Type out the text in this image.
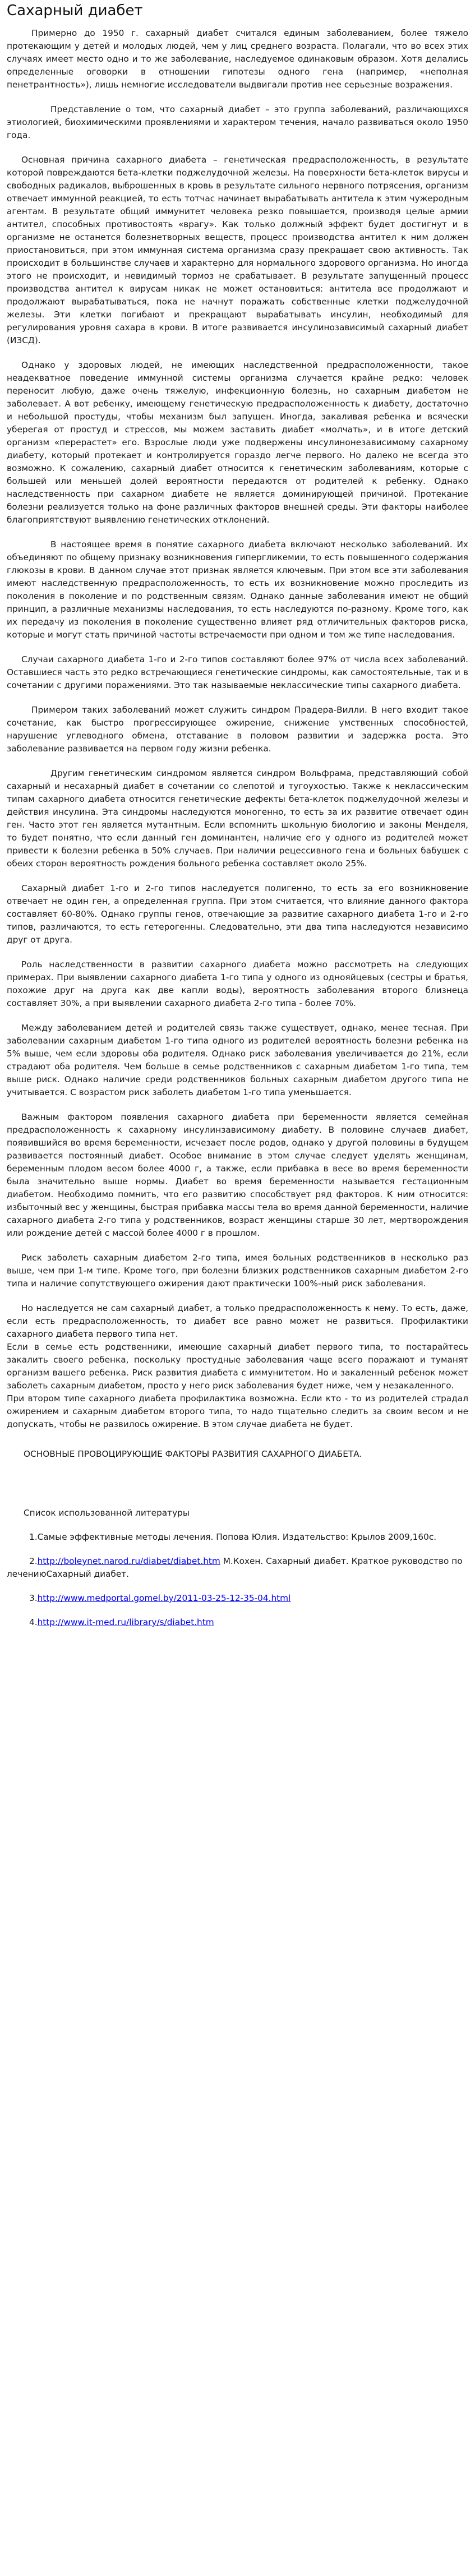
Сахарный диабет

Примерно до 1950 г. сахарный диабет считался единым заболеванием, более тяжело протекающим у детей и молодых людей, чем у лиц среднего возраста. Полагали, что во всех этих случаях имеет место одно и то же заболевание, наследуемое одинаковым образом. Хотя делались определенные оговорки в отношении гипотезы одного гена (например, «неполная пенетрантность»), лишь немногие исследователи выдвигали против нее серьезные возражения.

Представление о том, что сахарный диабет – это группа заболеваний, различающихся этиологией, биохимическими проявлениями и характером течения, начало развиваться около 1950 года.

Основная причина сахарного диабета – генетическая предрасположенность, в результате которой повреждаются бета-клетки поджелудочной железы. На поверхности бета-клеток вирусы и свободных радикалов, выброшенных в кровь в результате сильного нервного потрясения, организм отвечает иммунной реакцией, то есть тотчас начинает вырабатывать антитела к этим чужеродным агентам. В результате общий иммунитет человека резко повышается, производя целые армии антител, способных противостоять «врагу». Как только должный эффект будет достигнут и в организме не останется болезнетворных веществ, процесс производства антител к ним должен приостановиться, при этом иммунная система организма сразу прекращает свою активность. Так происходит в большинстве случаев и характерно для нормального здорового организма. Но иногда этого не происходит, и невидимый тормоз не срабатывает. В результате запущенный процесс производства антител к вирусам никак не может остановиться: антитела все продолжают и продолжают вырабатываться, пока не начнут поражать собственные клетки поджелудочной железы. Эти клетки погибают и прекращают вырабатывать инсулин, необходимый для регулирования уровня сахара в крови. В итоге развивается инсулинозависимый сахарный диабет (ИЗСД).

Однако у здоровых людей, не имеющих наследственной предрасположенности, такое неадекватное поведение иммунной системы организма случается крайне редко: человек переносит любую, даже очень тяжелую, инфекционную болезнь, но сахарным диабетом не заболевает. А вот ребенку, имеющему генетическую предрасположенность к диабету, достаточно и небольшой простуды, чтобы механизм был запущен. Иногда, закаливая ребенка и всячески уберегая от простуд и стрессов, мы можем заставить диабет «молчать», и в итоге детский организм «перерастет» его. Взрослые люди уже подвержены инсулинонезависимому сахарному диабету, который протекает и контролируется гораздо легче первого. Но далеко не всегда это возможно. К сожалению, сахарный диабет относится к генетическим заболеваниям, которые с большей или меньшей долей вероятности передаются от родителей к ребенку. Однако наследственность при сахарном диабете не является доминирующей причиной. Протекание болезни реализуется только на фоне различных факторов внешней среды. Эти факторы наиболее благоприятствуют выявлению генетических отклонений.

В настоящее время в понятие сахарного диабета включают несколько заболеваний. Их объединяют по общему признаку возникновения гипергликемии, то есть повышенного содержания глюкозы в крови. В данном случае этот признак является ключевым. При этом все эти заболевания имеют наследственную предрасположенность, то есть их возникновение можно проследить из поколения в поколение и по родственным связям. Однако данные заболевания имеют не общий принцип, а различные механизмы наследования, то есть наследуются по-разному. Кроме того, как их передачу из поколения в поколение существенно влияет ряд отличительных факторов риска, которые и могут стать причиной частоты встречаемости при одном и том же типе наследования.

Случаи сахарного диабета 1-го и 2-го типов составляют более 97% от числа всех заболеваний. Оставшиеся часть это редко встречающиеся генетические синдромы, как самостоятельные, так и в сочетании с другими поражениями. Это так называемые неклассические типы сахарного диабета.

Примером таких заболеваний может служить синдром Прадера-Вилли. В него входит такое сочетание, как быстро прогрессирующее ожирение, снижение умственных способностей, нарушение углеводного обмена, отставание в половом развитии и задержка роста. Это заболевание развивается на первом году жизни ребенка.

Другим генетическим синдромом является синдром Вольфрама, представляющий собой сахарный и несахарный диабет в сочетании со слепотой и тугоухостью. Также к неклассическим типам сахарного диабета относится генетические дефекты бета-клеток поджелудочной железы и действия инсулина. Эта синдромы наследуются моногенно, то есть за их развитие отвечает один ген. Часто этот ген является мутантным. Если вспомнить школьную биологию и законы Менделя, то будет понятно, что если данный ген доминантен, наличие его у одного из родителей может привести к болезни ребенка в 50% случаев. При наличии рецессивного гена и больных бабушек с обеих сторон вероятность рождения больного ребенка составляет около 25%.

Сахарный диабет 1-го и 2-го типов наследуется полигенно, то есть за его возникновение отвечает не один ген, а определенная группа. При этом считается, что влияние данного фактора составляет 60-80%. Однако группы генов, отвечающие за развитие сахарного диабета 1-го и 2-го типов, различаются, то есть гетерогенны. Следовательно, эти два типа наследуются независимо друг от друга.

Роль наследственности в развитии сахарного диабета можно рассмотреть на следующих примерах. При выявлении сахарного диабета 1-го типа у одного из однояйцевых (сестры и братья, похожие друг на друга как две капли воды), вероятность заболевания второго близнеца составляет 30%, а при выявлении сахарного диабета 2-го типа - более 70%.

Между заболеванием детей и родителей связь также существует, однако, менее тесная. При заболевании сахарным диабетом 1-го типа одного из родителей вероятность болезни ребенка на 5% выше, чем если здоровы оба родителя. Однако риск заболевания увеличивается до 21%, если страдают оба родителя. Чем больше в семье родственников с сахарным диабетом 1-го типа, тем выше риск. Однако наличие среди родственников больных сахарным диабетом другого типа не учитывается. С возрастом риск заболеть диабетом 1-го типа уменьшается.

Важным фактором появления сахарного диабета при беременности является семейная предрасположенность к сахарному инсулинзависимому диабету. В половине случаев диабет, появившийся во время беременности, исчезает после родов, однако у другой половины в будущем развивается постоянный диабет. Особое внимание в этом случае следует уделять женщинам, беременным плодом весом более 4000 г, а также, если прибавка в весе во время беременности была значительно выше нормы. Диабет во время беременности называется гестационным диабетом. Необходимо помнить, что его развитию способствует ряд факторов. К ним относится: избыточный вес у женщины, быстрая прибавка массы тела во время данной беременности, наличие сахарного диабета 2-го типа у родственников, возраст женщины старше 30 лет, мертворождения или рождение детей с массой более 4000 г в прошлом.

Риск заболеть сахарным диабетом 2-го типа, имея больных родственников в несколько раз выше, чем при 1-м типе. Кроме того, при болезни близких родственников сахарным диабетом 2-го типа и наличие сопутствующего ожирения дают практически 100%-ный риск заболевания.

Но наследуется не сам сахарный диабет, а только предрасположенность к нему. То есть, даже, если есть предрасположенность, то диабет все равно может не развиться. Профилактики сахарного диабета первого типа нет.

Если в семье есть родственники, имеющие сахарный диабет первого типа, то постарайтесь закалить своего ребенка, поскольку простудные заболевания чаще всего поражают и туманят организм вашего ребенка. Риск развития диабета с иммунитетом. Но и закаленный ребенок может заболеть сахарным диабетом, просто у него риск заболевания будет ниже, чем у незакаленного.

При втором типе сахарного диабета профилактика возможна. Если кто - то из родителей страдал ожирением и сахарным диабетом второго типа, то надо тщательно следить за своим весом и не допускать, чтобы не развилось ожирение. В этом случае диабета не будет.

ОСНОВНЫЕ ПРОВОЦИРУЮЩИЕ ФАКТОРЫ РАЗВИТИЯ САХАРНОГО ДИАБЕТА.

Список использованной литературы

1.Самые эффективные методы лечения. Попова Юлия. Издательство: Крылов 2009,160с.
2.http://boleynet.narod.ru/diabet/diabet.htm М.Кохен. Сахарный диабет. Краткое руководство по лечениюСахарный диабет.
3.http://www.medportal.gomel.by/2011-03-25-12-35-04.html
4.http://www.it-med.ru/library/s/diabet.htm
